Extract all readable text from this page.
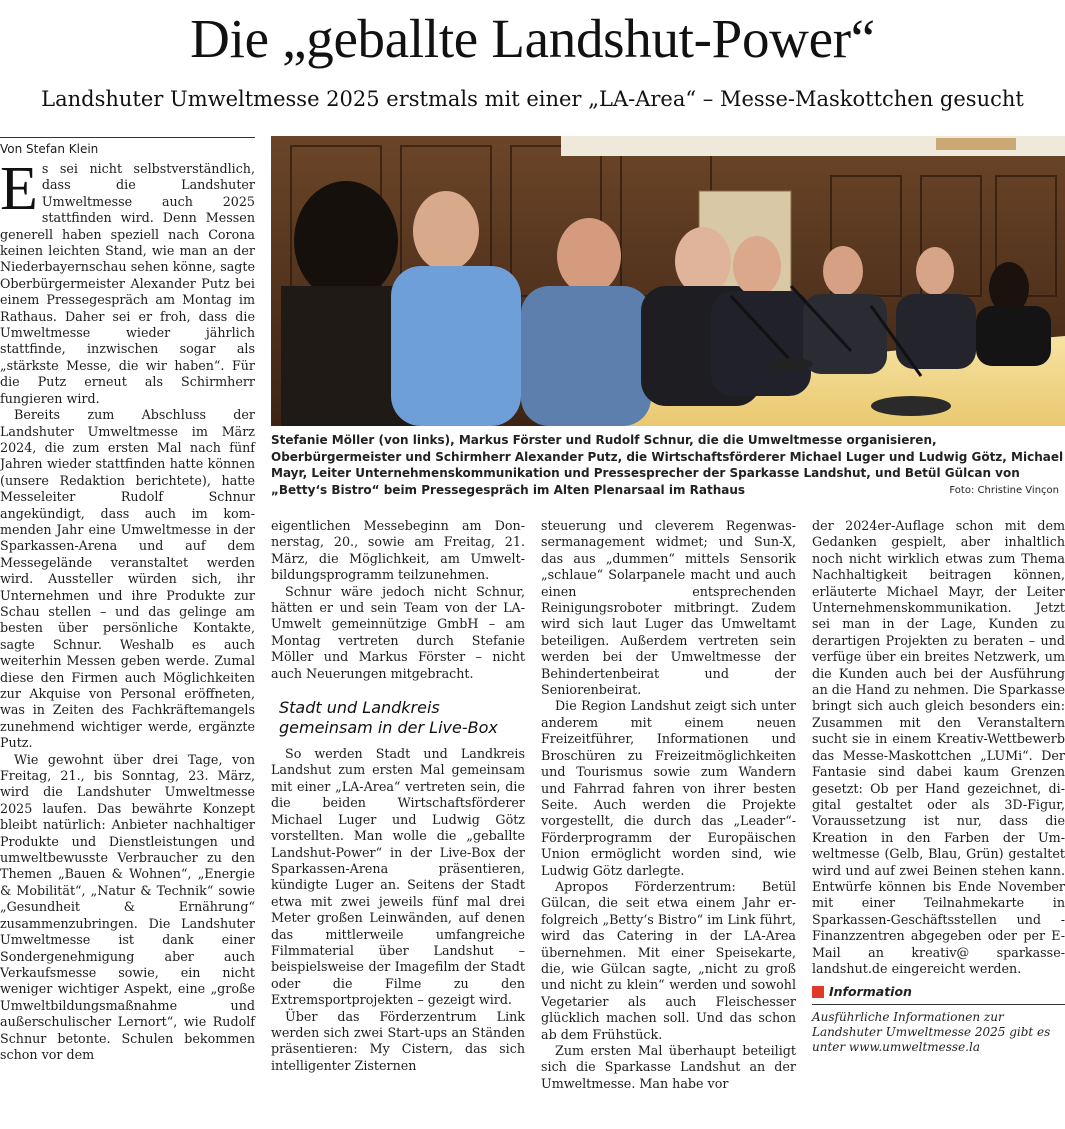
Die „geballte Landshut-Power“
Landshuter Umweltmesse 2025 erstmals mit einer „LA-Area“ – Messe-Maskottchen gesucht
Von Stefan Klein

Es sei nicht selbstverständlich, dass die Landshuter Umweltmesse auch 2025 stattfinden wird. Denn Messen generell haben speziell nach Corona keinen leichten Stand, wie man an der Niederbayernschau sehen könne, sagte Oberbürgermeister Alexander Putz bei einem Pressegespräch am Montag im Rathaus. Daher sei er froh, dass die Umweltmesse wieder jährlich stattfinde, inzwischen sogar als „stärkste Messe, die wir haben“. Für die Putz erneut als Schirmherr fungieren wird.

Bereits zum Abschluss der Landshuter Umweltmesse im März 2024, die zum ersten Mal nach fünf Jahren wieder stattfinden hatte können (unsere Redaktion berichtete), hatte Messeleiter Rudolf Schnur angekündigt, dass auch im kommenden Jahr eine Umweltmesse in der Sparkassen-Arena und auf dem Messegelände veranstaltet werden wird. Aussteller würden sich, ihr Unternehmen und ihre Produkte zur Schau stellen – und das gelinge am besten über persönliche Kontakte, sagte Schnur. Weshalb es auch weiterhin Messen geben werde. Zumal diese den Firmen auch Möglichkeiten zur Akquise von Personal eröffneten, was in Zeiten des Fachkräftemangels zunehmend wichtiger werde, ergänzte Putz.

Wie gewohnt über drei Tage, von Freitag, 21., bis Sonntag, 23. März, wird die Landshuter Umweltmesse 2025 laufen. Das bewährte Konzept bleibt natürlich: Anbieter nachhaltiger Produkte und Dienstleistungen und umweltbewusste Verbraucher zu den Themen „Bauen & Wohnen“, „Energie & Mobilität“, „Natur & Technik“ sowie „Gesundheit & Ernährung“ zusammenzubringen. Die Landshuter Umweltmesse ist dank einer Sondergenehmigung aber auch Verkaufsmesse sowie, ein nicht weniger wichtiger Aspekt, eine „große Umweltbildungsmaßnahme und außerschulischer Lernort“, wie Rudolf Schnur betonte. Schulen bekommen schon vor dem

Stefanie Möller (von links), Markus Förster und Rudolf Schnur, die die Umweltmesse organisieren, Oberbürgermeister und Schirmherr Alexander Putz, die Wirtschaftsförderer Michael Luger und Ludwig Götz, Michael Mayr, Leiter Unternehmenskommunikation und Pressesprecher der Sparkasse Landshut, und Betül Gülcan von „Betty‘s Bistro“ beim Pressegespräch im Alten Plenarsaal im Rathaus	Foto: Christine Vinçon

eigentlichen Messebeginn am Donnerstag, 20., sowie am Freitag, 21. März, die Möglichkeit, am Umweltbildungsprogramm teilzunehmen.

Schnur wäre jedoch nicht Schnur, hätten er und sein Team von der LA-Umwelt gemeinnützige GmbH – am Montag vertreten durch Stefanie Möller und Markus Förster – nicht auch Neuerungen mitgebracht.

Stadt und Landkreis gemeinsam in der Live-Box

So werden Stadt und Landkreis Landshut zum ersten Mal gemeinsam mit einer „LA-Area“ vertreten sein, die die beiden Wirtschaftsförderer Michael Luger und Ludwig Götz vorstellten. Man wolle die „geballte Landshut-Power“ in der Live-Box der Sparkassen-Arena präsentieren, kündigte Luger an. Seitens der Stadt etwa mit zwei jeweils fünf mal drei Meter großen Leinwänden, auf denen das mittlerweile umfangreiche Filmmaterial über Landshut – beispielsweise der Imagefilm der Stadt oder die Filme zu den Extremsportprojekten – gezeigt wird.

Über das Förderzentrum Link werden sich zwei Start-ups an Ständen präsentieren: My Cistern, das sich intelligenter Zisternen

steuerung und cleverem Regenwassermanagement widmet; und Sun-X, das aus „dummen“ mittels Sensorik „schlaue“ Solarpanele macht und auch einen entsprechenden Reinigungsroboter mitbringt. Zudem wird sich laut Luger das Umweltamt beteiligen. Außerdem vertreten sein werden bei der Umweltmesse der Behindertenbeirat und der Seniorenbeirat.

Die Region Landshut zeigt sich unter anderem mit einem neuen Freizeitführer, Informationen und Broschüren zu Freizeitmöglichkeiten und Tourismus sowie zum Wandern und Fahrrad fahren von ihrer besten Seite. Auch werden die Projekte vorgestellt, die durch das „Leader“-Förderprogramm der Europäischen Union ermöglicht worden sind, wie Ludwig Götz darlegte.

Apropos Förderzentrum: Betül Gülcan, die seit etwa einem Jahr erfolgreich „Betty‘s Bistro“ im Link führt, wird das Catering in der LA-Area übernehmen. Mit einer Speisekarte, die, wie Gülcan sagte, „nicht zu groß und nicht zu klein“ werden und sowohl Vegetarier als auch Fleischesser glücklich machen soll. Und das schon ab dem Frühstück.

Zum ersten Mal überhaupt beteiligt sich die Sparkasse Landshut an der Umweltmesse. Man habe vor

der 2024er-Auflage schon mit dem Gedanken gespielt, aber inhaltlich noch nicht wirklich etwas zum Thema Nachhaltigkeit beitragen können, erläuterte Michael Mayr, der Leiter Unternehmenskommunikation. Jetzt sei man in der Lage, Kunden zu derartigen Projekten zu beraten – und verfüge über ein breites Netzwerk, um die Kunden auch bei der Ausführung an die Hand zu nehmen. Die Sparkasse bringt sich auch gleich besonders ein: Zusammen mit den Veranstaltern sucht sie in einem Kreativ-Wettbewerb das Messe-Maskottchen „LUMi“. Der Fantasie sind dabei kaum Grenzen gesetzt: Ob per Hand gezeichnet, digital gestaltet oder als 3D-Figur, Voraussetzung ist nur, dass die Kreation in den Farben der Umweltmesse (Gelb, Blau, Grün) gestaltet wird und auf zwei Beinen stehen kann. Entwürfe können bis Ende November mit einer Teilnahmekarte in Sparkassen-Geschäftsstellen und -Finanzzentren abgegeben oder per E-Mail an kreativ@ sparkasse-landshut.de eingereicht werden.

Information
Ausführliche Informationen zur Landshuter Umweltmesse 2025 gibt es unter www.umweltmesse.la
